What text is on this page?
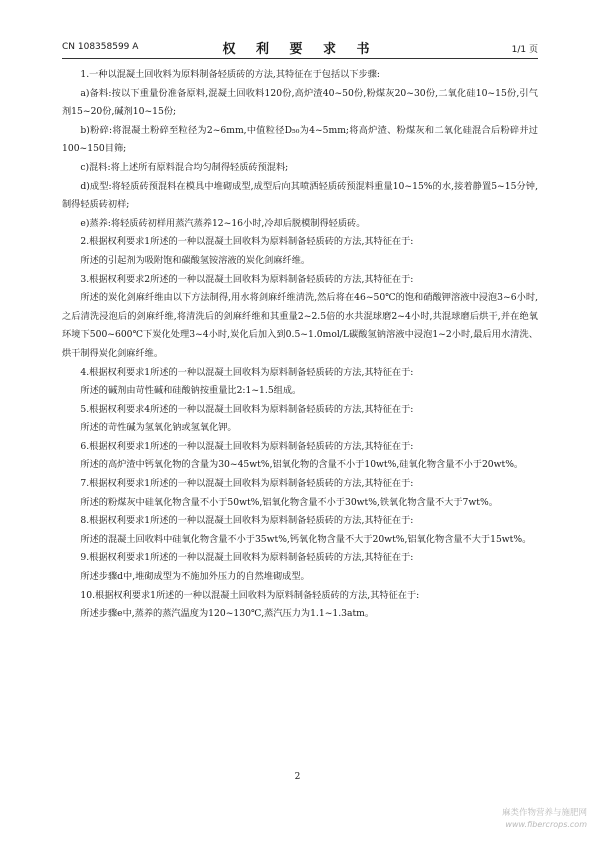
CN 108358599 A	权 利 要 求 书	1/1 页

1.一种以混凝土回收料为原料制备轻质砖的方法,其特征在于包括以下步骤:

a)备料:按以下重量份准备原料,混凝土回收料120份,高炉渣40~50份,粉煤灰20~30份,二氧化硅10~15份,引气剂15~20份,碱剂10~15份;

b)粉碎:将混凝土粉碎至粒径为2~6mm,中值粒径D₅₀为4~5mm;将高炉渣、粉煤灰和二氧化硅混合后粉碎并过100~150目筛;

c)混料:将上述所有原料混合均匀制得轻质砖预混料;

d)成型:将轻质砖预混料在模具中堆砌成型,成型后向其喷洒轻质砖预混料重量10~15%的水,接着静置5~15分钟,制得轻质砖初样;

e)蒸养:将轻质砖初样用蒸汽蒸养12~16小时,冷却后脱模制得轻质砖。

2.根据权利要求1所述的一种以混凝土回收料为原料制备轻质砖的方法,其特征在于:

所述的引起剂为吸附饱和碳酸氢铵溶液的炭化剑麻纤维。

3.根据权利要求2所述的一种以混凝土回收料为原料制备轻质砖的方法,其特征在于:

所述的炭化剑麻纤维由以下方法制得,用水将剑麻纤维清洗,然后将在46~50℃的饱和硝酸钾溶液中浸泡3~6小时,之后清洗浸泡后的剑麻纤维,将清洗后的剑麻纤维和其重量2~2.5倍的水共混球磨2~4小时,共混球磨后烘干,并在绝氧环境下500~600℃下炭化处理3~4小时,炭化后加入到0.5~1.0mol/L碳酸氢钠溶液中浸泡1~2小时,最后用水清洗、烘干制得炭化剑麻纤维。

4.根据权利要求1所述的一种以混凝土回收料为原料制备轻质砖的方法,其特征在于:

所述的碱剂由苛性碱和硅酸钠按重量比2:1~1.5组成。

5.根据权利要求4所述的一种以混凝土回收料为原料制备轻质砖的方法,其特征在于:

所述的苛性碱为氢氧化钠或氢氧化钾。

6.根据权利要求1所述的一种以混凝土回收料为原料制备轻质砖的方法,其特征在于:

所述的高炉渣中钙氧化物的含量为30~45wt%,铝氧化物的含量不小于10wt%,硅氧化物含量不小于20wt%。

7.根据权利要求1所述的一种以混凝土回收料为原料制备轻质砖的方法,其特征在于:

所述的粉煤灰中硅氧化物含量不小于50wt%,铝氧化物含量不小于30wt%,铁氧化物含量不大于7wt%。

8.根据权利要求1所述的一种以混凝土回收料为原料制备轻质砖的方法,其特征在于:

所述的混凝土回收料中硅氧化物含量不小于35wt%,钙氧化物含量不大于20wt%,铝氧化物含量不大于15wt%。

9.根据权利要求1所述的一种以混凝土回收料为原料制备轻质砖的方法,其特征在于:

所述步骤d中,堆砌成型为不施加外压力的自然堆砌成型。

10.根据权利要求1所述的一种以混凝土回收料为原料制备轻质砖的方法,其特征在于:

所述步骤e中,蒸养的蒸汽温度为120~130℃,蒸汽压力为1.1~1.3atm。

2
麻类作物营养与施肥网
www.fibercrops.com
